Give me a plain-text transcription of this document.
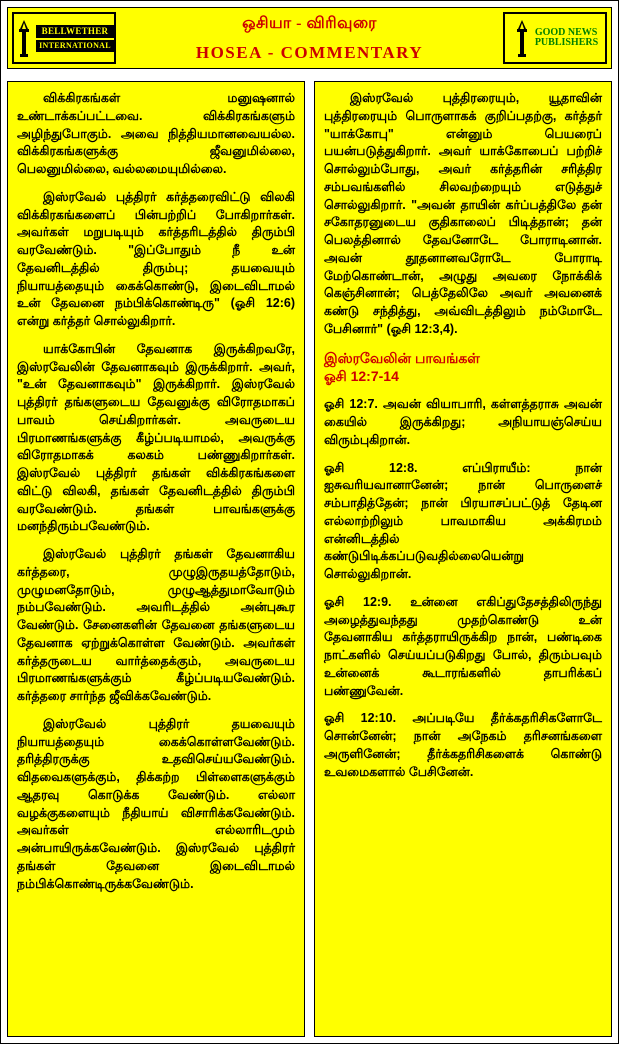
BELLWETHER
INTERNATIONAL
ஒசியா - விரிவுரை
HOSEA - COMMENTARY
GOOD NEWS
PUBLISHERS

விக்கிரகங்கள் மனுஷனால் உண்டாக்கப்பட்டவை. விக்கிரகங்களும் அழிந்துபோகும். அவை நித்தியமானவையல்ல. விக்கிரகங்களுக்கு ஜீவனுமில்லை, பெலனுமில்லை, வல்லமையுமில்லை.

இஸ்ரவேல் புத்திரர் கர்த்தரைவிட்டு விலகி விக்கிரகங்களைப் பின்பற்றிப் போகிறார்கள். அவர்கள் மறுபடியும் கர்த்தரிடத்தில் திரும்பி வரவேண்டும். "இப்போதும் நீ உன் தேவனிடத்தில் திரும்பு; தயவையும் நியாயத்தையும் கைக்கொண்டு, இடைவிடாமல் உன் தேவனை நம்பிக்கொண்டிரு" (ஓசி 12:6) என்று கர்த்தர் சொல்லுகிறார்.

யாக்கோபின் தேவனாக இருக்கிறவரே, இஸ்ரவேலின் தேவனாகவும் இருக்கிறார். அவர், "உன் தேவனாகவும்" இருக்கிறார். இஸ்ரவேல் புத்திரர் தங்களுடைய தேவனுக்கு விரோதமாகப் பாவம் செய்கிறார்கள். அவருடைய பிரமாணங்களுக்கு கீழ்ப்படியாமல், அவருக்கு விரோதமாகக் கலகம் பண்ணுகிறார்கள். இஸ்ரவேல் புத்திரர் தங்கள் விக்கிரகங்களை விட்டு விலகி, தங்கள் தேவனிடத்தில் திரும்பி வரவேண்டும். தங்கள் பாவங்களுக்கு மனந்திரும்பவேண்டும்.

இஸ்ரவேல் புத்திரர் தங்கள் தேவனாகிய கர்த்தரை, முழுஇருதயத்தோடும், முழுமனதோடும், முழுஆத்துமாவோடும் நம்பவேண்டும். அவரிடத்தில் அன்புகூர வேண்டும். சேனைகளின் தேவனை தங்களுடைய தேவனாக ஏற்றுக்கொள்ள வேண்டும். அவர்கள் கர்த்தருடைய வார்த்தைக்கும், அவருடைய பிரமாணங்களுக்கும் கீழ்ப்படியவேண்டும். கர்த்தரை சார்ந்த ஜீவிக்கவேண்டும்.

இஸ்ரவேல் புத்திரர் தயவையும் நியாயத்தையும் கைக்கொள்ளவேண்டும். தரித்திரருக்கு உதவிசெய்யவேண்டும். விதவைகளுக்கும், திக்கற்ற பிள்ளைகளுக்கும் ஆதரவு கொடுக்க வேண்டும். எல்லா வழக்குகளையும் நீதியாய் விசாரிக்கவேண்டும். அவர்கள் எல்லாரிடமும் அன்பாயிருக்கவேண்டும். இஸ்ரவேல் புத்திரர் தங்கள் தேவனை இடைவிடாமல் நம்பிக்கொண்டிருக்கவேண்டும்.

இஸ்ரவேல் புத்திரரையும், யூதாவின் புத்திரரையும் பொருளாகக் குறிப்பதற்கு, கர்த்தர் "யாக்கோபு" என்னும் பெயரைப் பயன்படுத்துகிறார். அவர் யாக்கோபைப் பற்றிச் சொல்லும்போது, அவர் கர்த்தரின் சரித்திர சம்பவங்களில் சிலவற்றையும் எடுத்துச் சொல்லுகிறார். "அவன் தாயின் கர்ப்பத்திலே தன் சகோதரனுடைய குதிகாலைப் பிடித்தான்; தன் பெலத்தினால் தேவனோடே போராடினான். அவன் தூதனானவரோடே போராடி மேற்கொண்டான், அழுது அவரை நோக்கிக் கெஞ்சினான்; பெத்தேலிலே அவர் அவனைக் கண்டு சந்தித்து, அவ்விடத்திலும் நம்மோடே பேசினார்" (ஓசி 12:3,4).

இஸ்ரவேலின் பாவங்கள்
ஓசி 12:7-14

ஓசி 12:7. அவன் வியாபாரி, கள்ளத்தராசு அவன் கையில் இருக்கிறது; அநியாயஞ்செய்ய விரும்புகிறான்.

ஓசி 12:8. எப்பிராயீம்: நான் ஐசுவரியவானானேன்; நான் பொருளைச் சம்பாதித்தேன்; நான் பிரயாசப்பட்டுத் தேடின எல்லாற்றிலும் பாவமாகிய அக்கிரமம் என்னிடத்தில் கண்டுபிடிக்கப்படுவதில்லையென்று சொல்லுகிறான்.

ஓசி 12:9. உன்னை எகிப்துதேசத்திலிருந்து அழைத்துவந்தது முதற்கொண்டு உன் தேவனாகிய கர்த்தராயிருக்கிற நான், பண்டிகை நாட்களில் செய்யப்படுகிறது போல், திரும்பவும் உன்னைக் கூடாரங்களில் தாபரிக்கப் பண்ணுவேன்.

ஓசி 12:10. அப்படியே தீர்க்கதரிசிகளோடே சொன்னேன்; நான் அநேகம் தரிசனங்களை அருளினேன்; தீர்க்கதரிசிகளைக் கொண்டு உவமைகளால் பேசினேன்.
